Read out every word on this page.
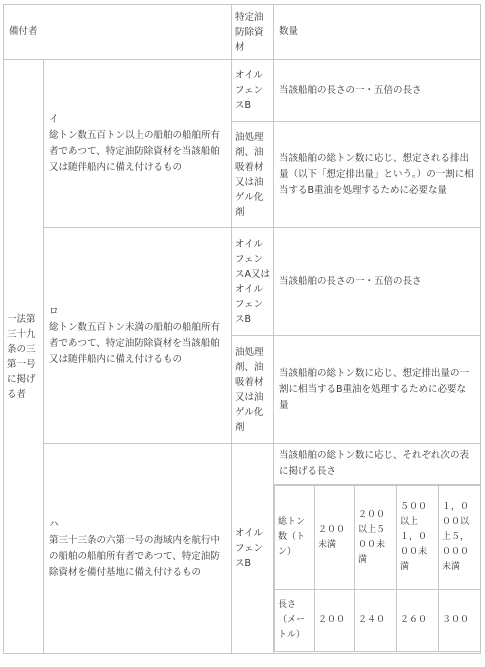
備付者	特定油防除資材	数量
一法第三十九条の三第一号に掲げる者	
イ
総トン数五百トン以上の船舶の船舶所有者であつて、特定油防除資材を当該船舶又は随伴船内に備え付けるもの
	オイルフェンスB	当該船舶の長さの一・五倍の長さ
油処理剤、油吸着材又は油ゲル化剤	当該船舶の総トン数に応じ、想定される排出量（以下「想定排出量」という。）の一割に相当するB重油を処理するために必要な量

ロ
総トン数五百トン未満の船舶の船舶所有者であつて、特定油防除資材を当該船舶又は随伴船内に備え付けるもの
	オイルフェンスA又はオイルフェンスB	当該船舶の長さの一・五倍の長さ
油処理剤、油吸着材又は油ゲル化剤	当該船舶の総トン数に応じ、想定排出量の一割に相当するB重油を処理するために必要な量

ハ
第三十三条の六第一号の海域内を航行中の船舶の船舶所有者であつて、特定油防除資材を備付基地に備え付けるもの
	オイルフェンスB	
当該船舶の総トン数に応じ、それぞれ次の表に掲げる長さ
総トン数（トン）	２００未満	２００以上５００未満	５００以上１，０００未満	１，０００以上５，０００未満
長さ（メートル）	２００	２４０	２６０	３００
